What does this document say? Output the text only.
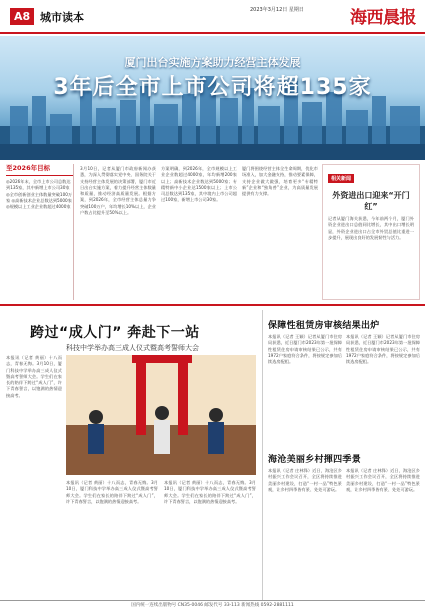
A8 城市读本
2023年3月12日 星期日	海西晨报
厦门出台实施方案助力经营主体发展
3年后全市上市公司将超135家
至2026年目标
◎2026年末，全市上市公司总数达到135家，其中新增上市公司30家 ◎全市创新创业主体数量突破100万家 ◎高新技术企业总数达到5000家 ◎规模以上工业企业数超过4000家
3月10日，记者从厦门市政府新闻办获悉，为深入贯彻落实党中央、国务院关于支持经营主体发展的决策部署，厦门市近日出台实施方案，着力提升经营主体数量和质量，推动经济高质量发展。根据方案，到2026年，全市经营主体总量力争突破100万户，年均增长10%以上，企业户数占比提升至50%以上。
方案明确，到2026年，全市规模以上工业企业数超过4000家，年均新增200家以上；高新技术企业数达到5000家；专精特新中小企业达1500家以上；上市公司总数达到135家，其中境内上市公司超过100家，新增上市公司30家。
厦门将围绕经营主体全生命周期，优化市场准入，加大金融支持，推动要素保障，支持企业做大做强，培育更多“专精特新”企业和“独角兽”企业，为高质量发展提供有力支撑。
相关新闻
外资进出口迎来“开门红”
记者从厦门海关获悉，今年前两个月，厦门外资企业进出口总值同比增长，其中出口增长明显，外资企业进出口占全市外贸总值比重进一步提升，展现出良好的发展韧性与活力。
跨过“成人门” 奔赴下一站
科技中学举办高三成人仪式暨高考誓师大会
本报讯（记者 黄丽）十八而志，青春无悔。3月10日，厦门科技中学举办高三成人仪式暨高考誓师大会。学生们在家长的陪伴下跨过“成人门”，许下青春誓言，以饱满的热情迎接高考。
本报讯（记者 黄丽）十八而志，青春无悔。3月10日，厦门科技中学举办高三成人仪式暨高考誓师大会。学生们在家长的陪伴下跨过“成人门”，许下青春誓言，以饱满的热情迎接高考。
本报讯（记者 黄丽）十八而志，青春无悔。3月10日，厦门科技中学举办高三成人仪式暨高考誓师大会。学生们在家长的陪伴下跨过“成人门”，许下青春誓言，以饱满的热情迎接高考。
保障性租赁房审核结果出炉
本报讯（记者 王颖）记者从厦门市住房局获悉，近日厦门市2023年第一批保障性租赁住房申请审核结果已公示，共有1972户家庭符合条件，将按规定参加后续选房配租。
本报讯（记者 王颖）记者从厦门市住房局获悉，近日厦门市2023年第一批保障性租赁住房申请审核结果已公示，共有1972户家庭符合条件，将按规定参加后续选房配租。
海沧美丽乡村揮四季景
本报讯（记者 庄林锋）近日，海沧区乡村振兴工作会议召开，全区将持续推进美丽乡村建设，打造“一村一品”特色景观，让乡村四季皆有景、处处可游玩。
本报讯（记者 庄林锋）近日，海沧区乡村振兴工作会议召开，全区将持续推进美丽乡村建设，打造“一村一品”特色景观，让乡村四季皆有景、处处可游玩。
国内统一连续出版物号 CN35-0046 邮发代号 33-113 新闻热线 0592-2881111
